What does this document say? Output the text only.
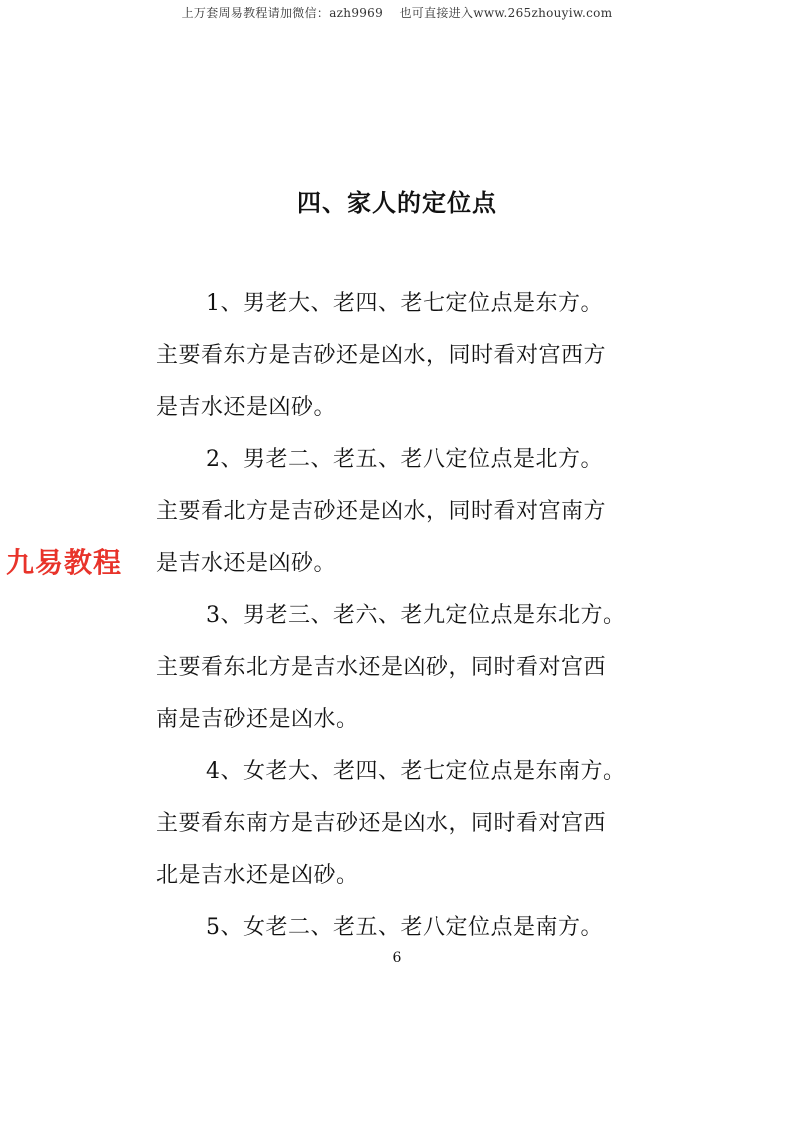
上万套周易教程请加微信：azh9969　 也可直接进入www.265zhouyiw.com
四、家人的定位点
九易教程
1、男老大、老四、老七定位点是东方。
主要看东方是吉砂还是凶水，同时看对宫西方
是吉水还是凶砂。
2、男老二、老五、老八定位点是北方。
主要看北方是吉砂还是凶水，同时看对宫南方
是吉水还是凶砂。
3、男老三、老六、老九定位点是东北方。
主要看东北方是吉水还是凶砂，同时看对宫西
南是吉砂还是凶水。
4、女老大、老四、老七定位点是东南方。
主要看东南方是吉砂还是凶水，同时看对宫西
北是吉水还是凶砂。
5、女老二、老五、老八定位点是南方。
6
